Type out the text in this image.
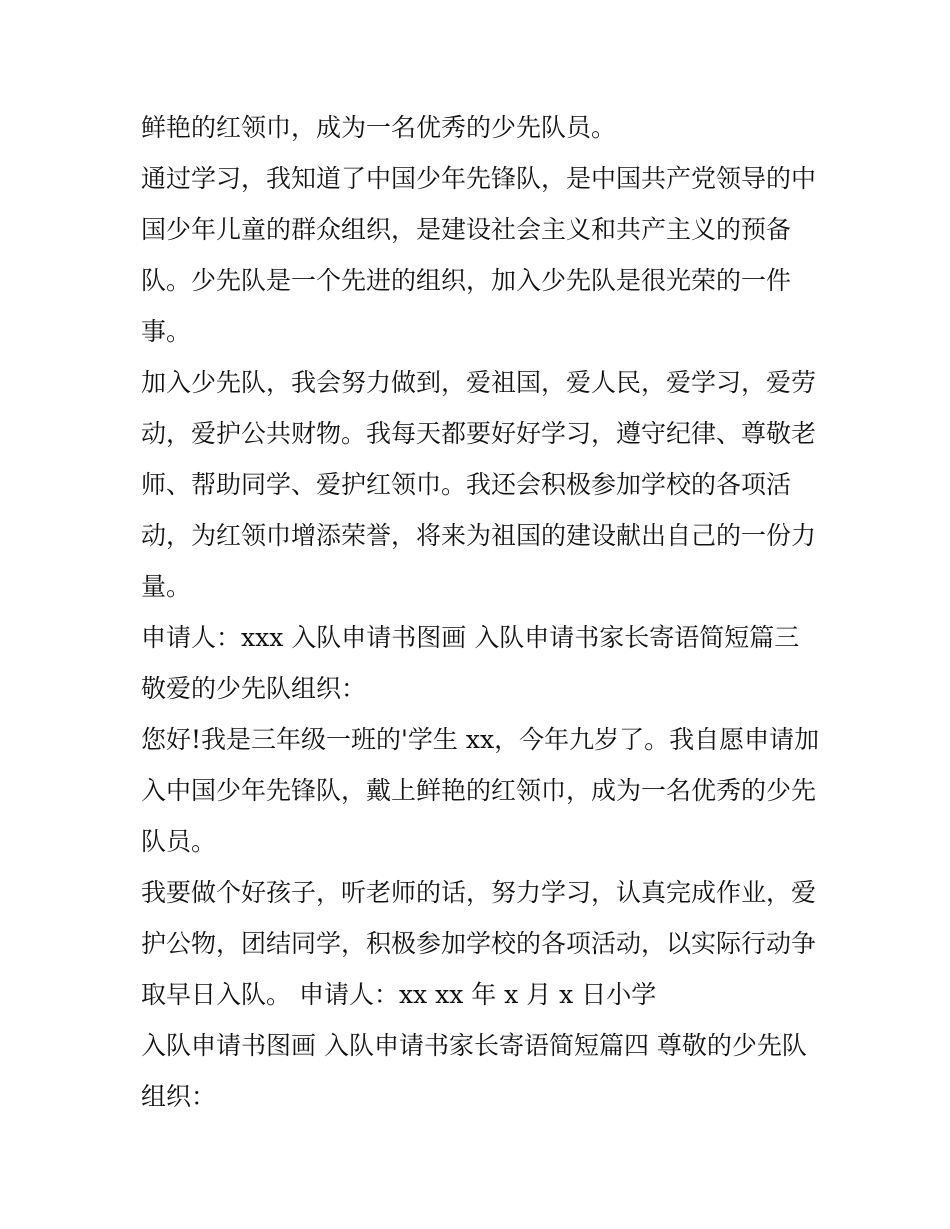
鲜艳的红领巾，成为一名优秀的少先队员。

通过学习，我知道了中国少年先锋队，是中国共产党领导的中

国少年儿童的群众组织，是建设社会主义和共产主义的预备

队。少先队是一个先进的组织，加入少先队是很光荣的一件

事。

加入少先队，我会努力做到，爱祖国，爱人民，爱学习，爱劳

动，爱护公共财物。我每天都要好好学习，遵守纪律、尊敬老

师、帮助同学、爱护红领巾。我还会积极参加学校的各项活

动，为红领巾增添荣誉，将来为祖国的建设献出自己的一份力

量。

申请人：xxx 入队申请书图画 入队申请书家长寄语简短篇三

敬爱的少先队组织：

您好!我是三年级一班的'学生 xx，今年九岁了。我自愿申请加

入中国少年先锋队，戴上鲜艳的红领巾，成为一名优秀的少先

队员。

我要做个好孩子，听老师的话，努力学习，认真完成作业，爱

护公物，团结同学，积极参加学校的各项活动，以实际行动争

取早日入队。 申请人：xx xx 年 x 月 x 日小学

入队申请书图画 入队申请书家长寄语简短篇四 尊敬的少先队

组织：
